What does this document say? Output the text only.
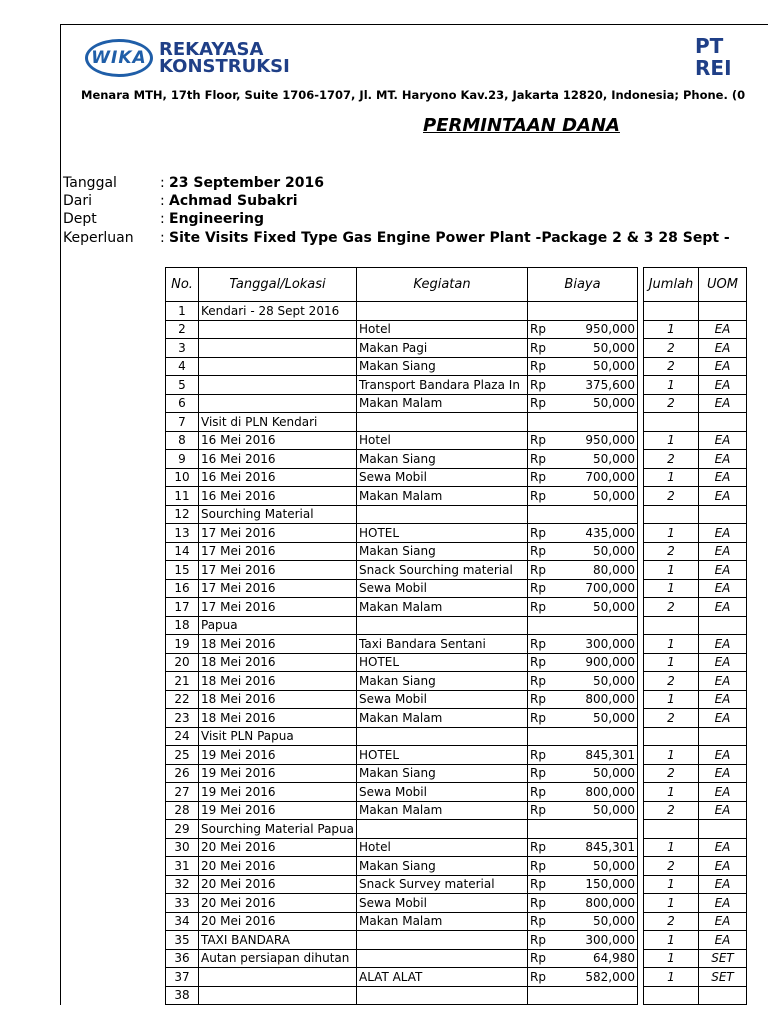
WIKA REKAYASA
KONSTRUKSI
PT
REI
Menara MTH, 17th Floor, Suite 1706-1707, Jl. MT. Haryono Kav.23, Jakarta 12820, Indonesia; Phone. (0
PERMINTAAN DANA
Tanggal	: 23 September 2016
Dari	: Achmad Subakri
Dept	: Engineering
Keperluan : Site Visits Fixed Type Gas Engine Power Plant -Package 2 & 3 28 Sept -
No.	Tanggal/Lokasi	Kegiatan	Biaya			Jumlah	UOM
1	Kendari - 28 Sept 2016						
2		Hotel	Rp	950,000		1	EA
3		Makan Pagi	Rp	50,000		2	EA
4		Makan Siang	Rp	50,000		2	EA
5		Transport Bandara Plaza In	Rp	375,600		1	EA
6		Makan Malam	Rp	50,000		2	EA
7	Visit di PLN Kendari						
8	16 Mei 2016	Hotel	Rp	950,000		1	EA
9	16 Mei 2016	Makan Siang	Rp	50,000		2	EA
10	16 Mei 2016	Sewa Mobil	Rp	700,000		1	EA
11	16 Mei 2016	Makan Malam	Rp	50,000		2	EA
12	Sourching Material						
13	17 Mei 2016	HOTEL	Rp	435,000		1	EA
14	17 Mei 2016	Makan Siang	Rp	50,000		2	EA
15	17 Mei 2016	Snack Sourching material	Rp	80,000		1	EA
16	17 Mei 2016	Sewa Mobil	Rp	700,000		1	EA
17	17 Mei 2016	Makan Malam	Rp	50,000		2	EA
18	Papua						
19	18 Mei 2016	Taxi Bandara Sentani	Rp	300,000		1	EA
20	18 Mei 2016	HOTEL	Rp	900,000		1	EA
21	18 Mei 2016	Makan Siang	Rp	50,000		2	EA
22	18 Mei 2016	Sewa Mobil	Rp	800,000		1	EA
23	18 Mei 2016	Makan Malam	Rp	50,000		2	EA
24	Visit PLN Papua						
25	19 Mei 2016	HOTEL	Rp	845,301		1	EA
26	19 Mei 2016	Makan Siang	Rp	50,000		2	EA
27	19 Mei 2016	Sewa Mobil	Rp	800,000		1	EA
28	19 Mei 2016	Makan Malam	Rp	50,000		2	EA
29	Sourching Material Papua						
30	20 Mei 2016	Hotel	Rp	845,301		1	EA
31	20 Mei 2016	Makan Siang	Rp	50,000		2	EA
32	20 Mei 2016	Snack Survey material	Rp	150,000		1	EA
33	20 Mei 2016	Sewa Mobil	Rp	800,000		1	EA
34	20 Mei 2016	Makan Malam	Rp	50,000		2	EA
35	TAXI BANDARA		Rp	300,000		1	EA
36	Autan persiapan dihutan		Rp	64,980		1	SET
37		ALAT ALAT	Rp	582,000		1	SET
38							
